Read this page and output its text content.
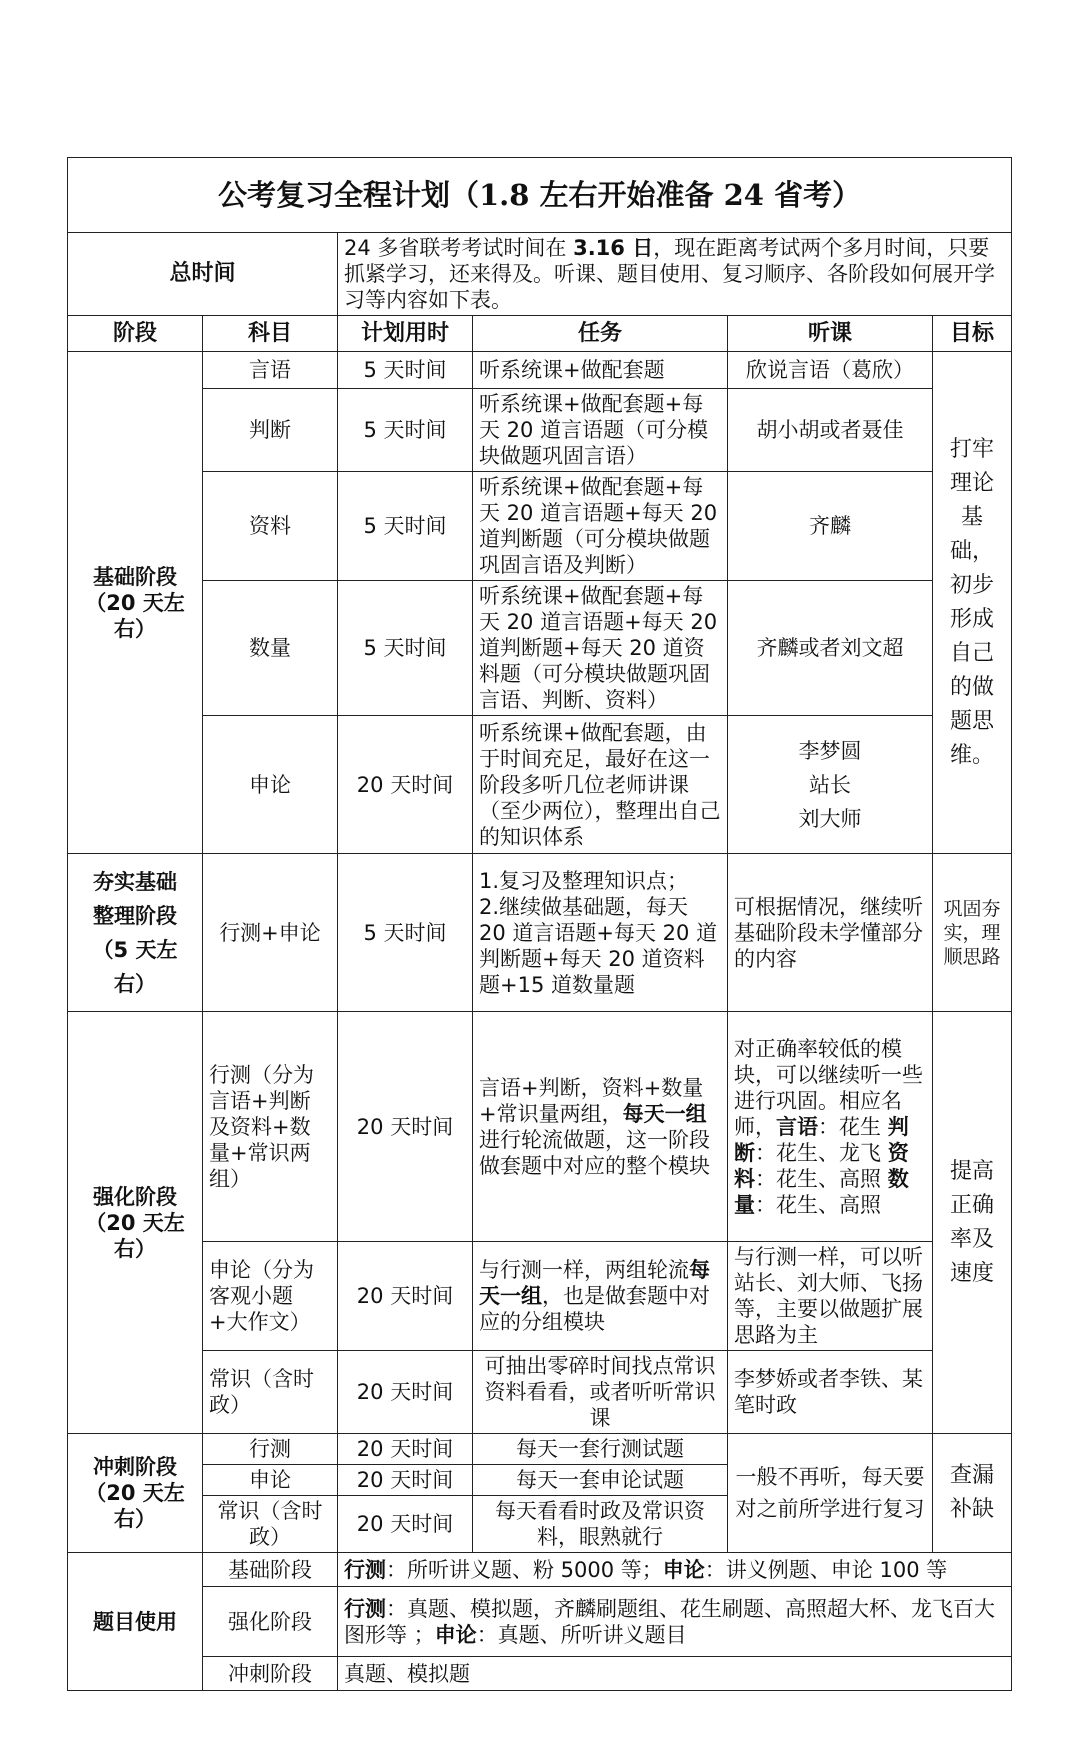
公考复习全程计划（1.8 左右开始准备 24 省考）					
总时间		24 多省联考考试时间在 3.16 日，现在距离考试两个多月时间，只要抓紧学习，还来得及。听课、题目使用、复习顺序、各阶段如何展开学习等内容如下表。			
阶段	科目	计划用时	任务	听课	目标

基础阶段
（20 天左右）	言语	5 天时间	听系统课+做配套题	欣说言语（葛欣）	打牢理论基础，初步形成自己的做题思维。
	判断	5 天时间	听系统课+做配套题+每天 20 道言语题（可分模块做题巩固言语）	胡小胡或者聂佳	
	资料	5 天时间	听系统课+做配套题+每天 20 道言语题+每天 20 道判断题（可分模块做题巩固言语及判断）	齐麟	
	数量	5 天时间	听系统课+做配套题+每天 20 道言语题+每天 20 道判断题+每天 20 道资料题（可分模块做题巩固言语、判断、资料）	齐麟或者刘文超	
	申论	20 天时间	听系统课+做配套题，由于时间充足，最好在这一阶段多听几位老师讲课（至少两位），整理出自己的知识体系	李梦圆
站长
刘大师	

夯实基础
整理阶段
（5 天左
右）	行测+申论	5 天时间	1.复习及整理知识点；
2.继续做基础题，每天 20 道言语题+每天 20 道判断题+每天 20 道资料题+15 道数量题	可根据情况，继续听基础阶段未学懂部分的内容	巩固夯实，理顺思路

强化阶段
（20 天左右）	行测（分为言语+判断及资料+数量+常识两组）	20 天时间	言语+判断，资料+数量+常识量两组，每天一组进行轮流做题，这一阶段做套题中对应的整个模块	对正确率较低的模块，可以继续听一些进行巩固。相应名师，言语：花生 判断：花生、龙飞 资料：花生、高照 数量：花生、高照	提高正确率及速度
	申论（分为客观小题+大作文）	20 天时间	与行测一样，两组轮流每天一组，也是做套题中对应的分组模块	与行测一样，可以听站长、刘大师、飞扬等，主要以做题扩展思路为主	
	常识（含时政）	20 天时间	可抽出零碎时间找点常识资料看看，或者听听常识课	李梦娇或者李铁、某笔时政	

冲刺阶段
（20 天左右）	行测	20 天时间	每天一套行测试题	一般不再听，每天要对之前所学进行复习	查漏补缺
	申论	20 天时间	每天一套申论试题		
	常识（含时政）	20 天时间	每天看看时政及常识资料，眼熟就行		
题目使用	基础阶段	行测：所听讲义题、粉 5000 等；申论：讲义例题、申论 100 等			
	强化阶段	行测：真题、模拟题，齐麟刷题组、花生刷题、高照超大杯、龙飞百大图形等 ；申论：真题、所听讲义题目			
	冲刺阶段	真题、模拟题			
